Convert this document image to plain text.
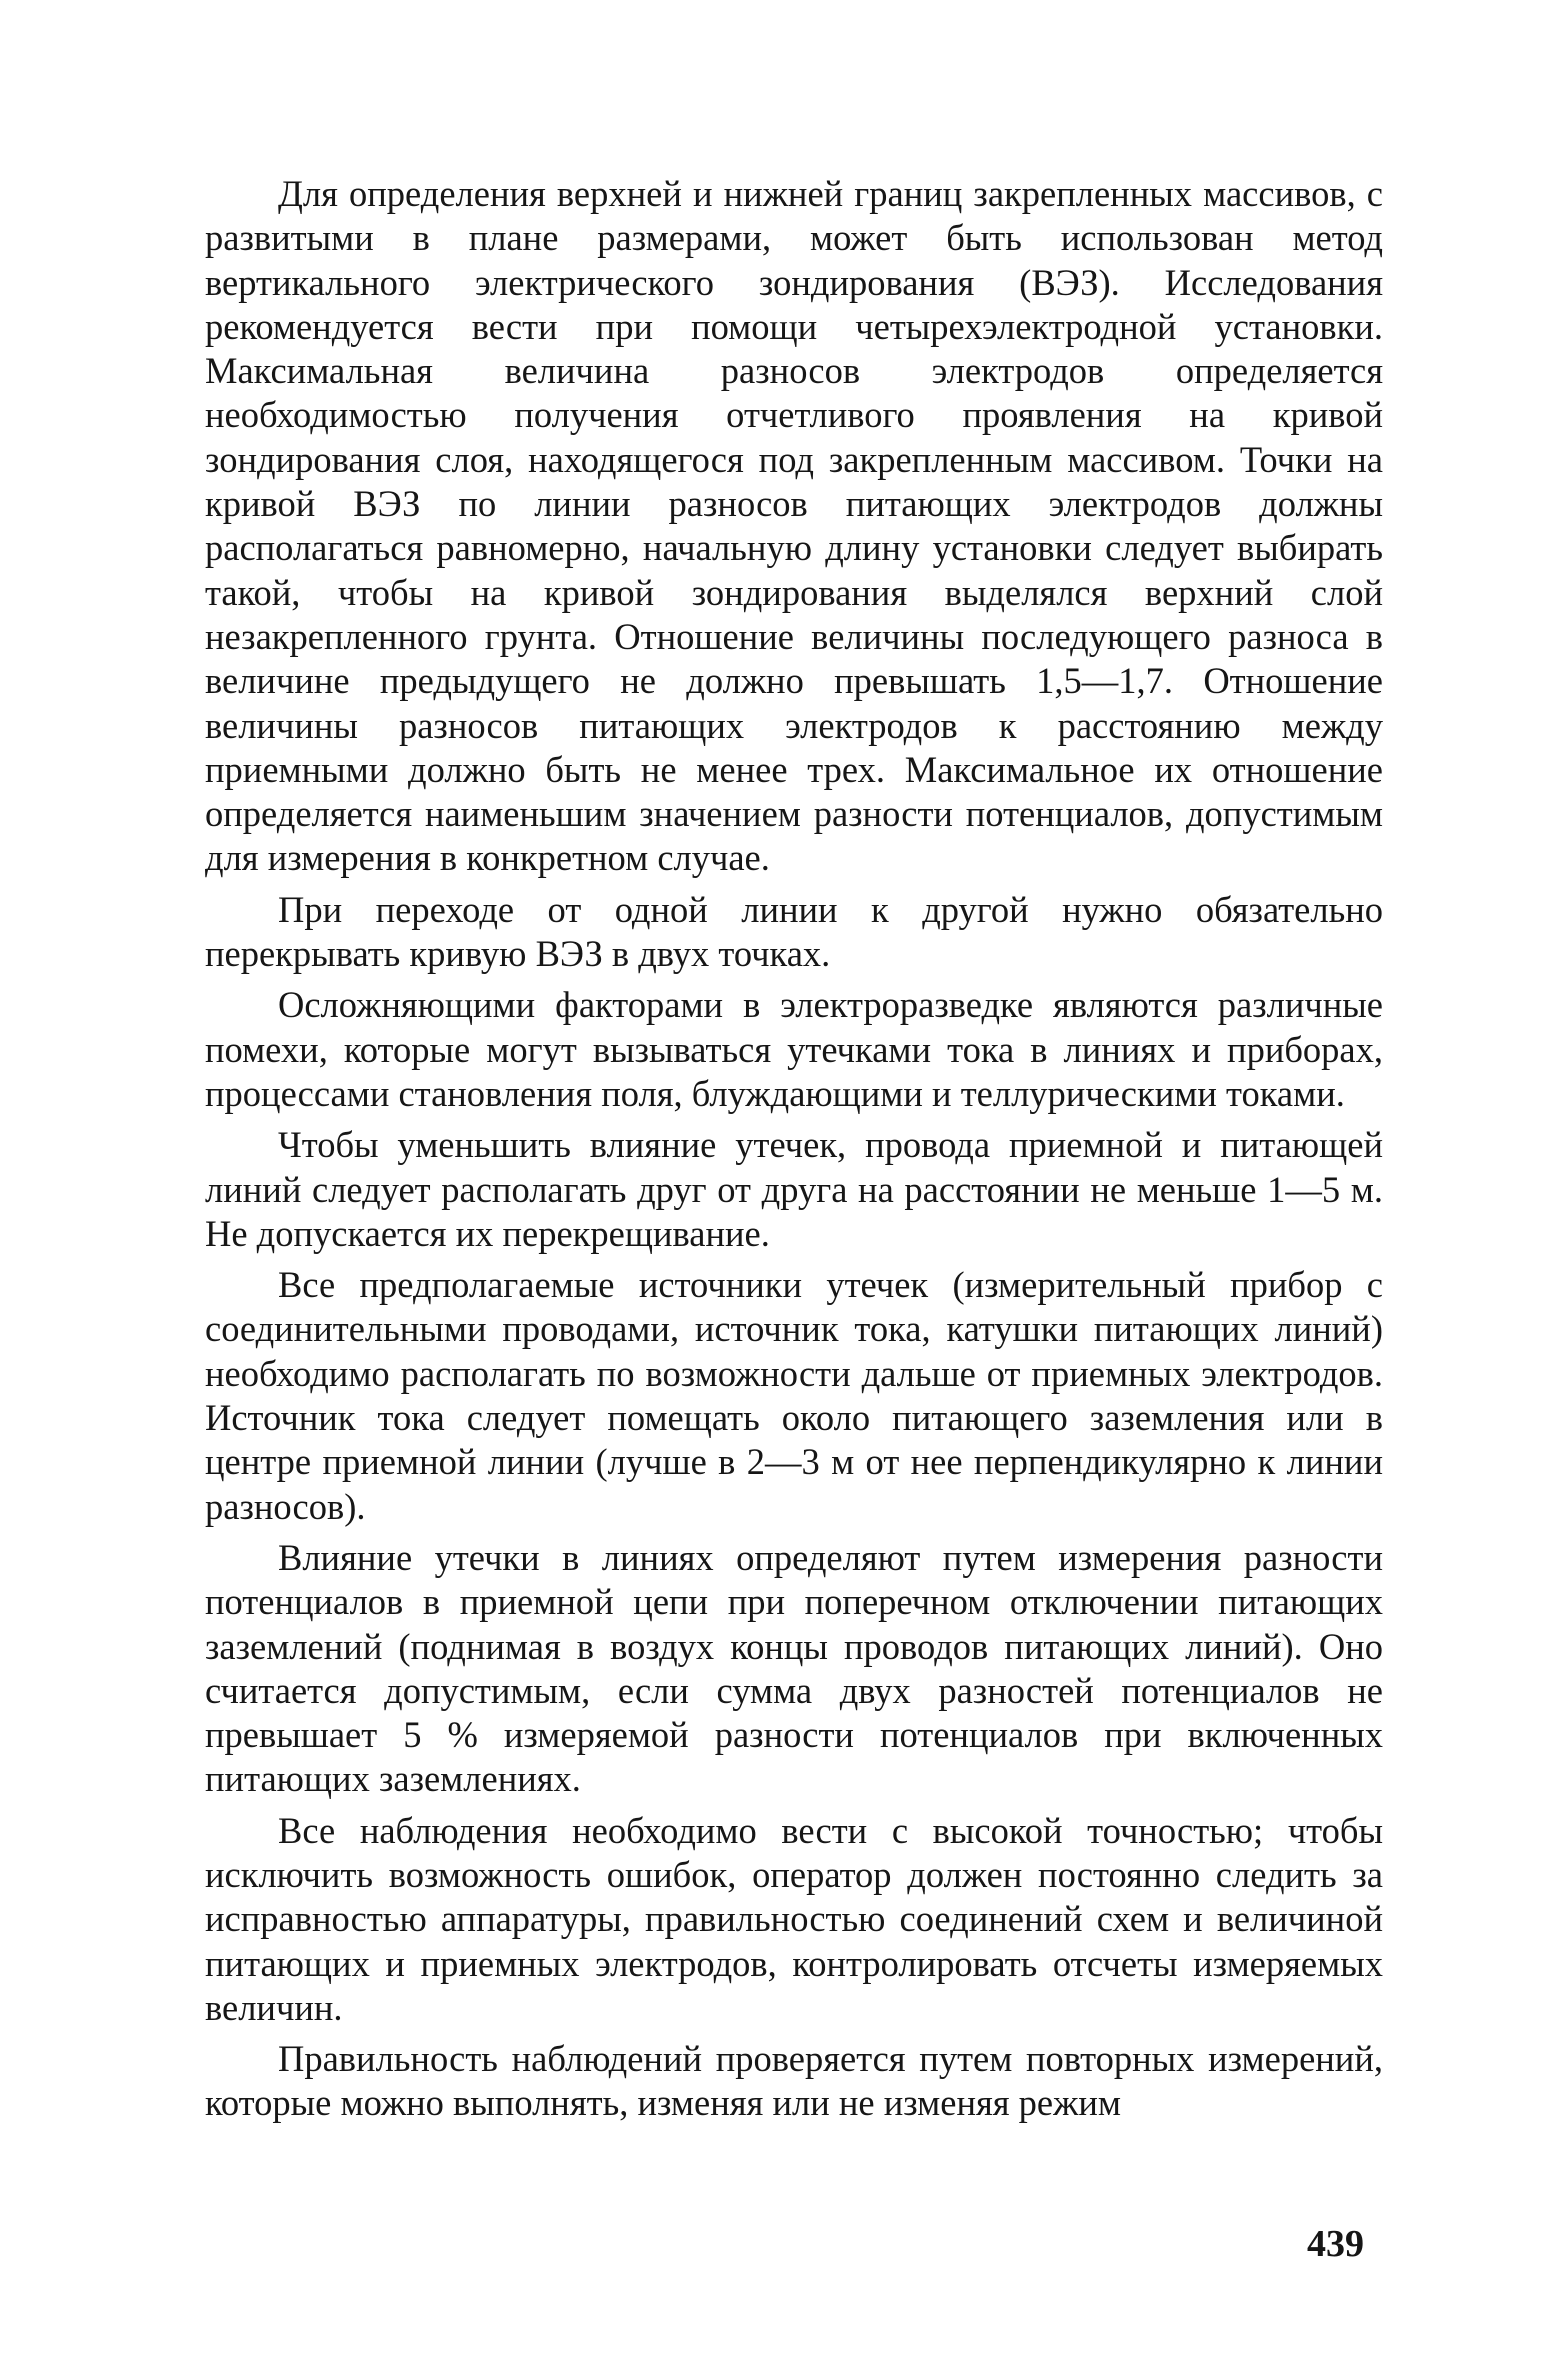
Для определения верхней и нижней границ закрепленных массивов, с развитыми в плане размерами, может быть использован метод вертикального электрического зондирования (ВЭЗ). Исследования рекомендуется вести при помощи четырехэлектродной установки. Максимальная величина разносов электродов определяется необходимостью получения отчетливого проявления на кривой зондирования слоя, находящегося под закрепленным массивом. Точки на кривой ВЭЗ по линии разносов питающих электродов должны располагаться равномерно, начальную длину установки следует выбирать такой, чтобы на кривой зондирования выделялся верхний слой незакрепленного грунта. Отношение величины последующего разноса в величине предыдущего не должно превышать 1,5—1,7. Отношение величины разносов питающих электродов к расстоянию между приемными должно быть не менее трех. Максимальное их отношение определяется наименьшим значением разности потенциалов, допустимым для измерения в конкретном случае.

При переходе от одной линии к другой нужно обязательно перекрывать кривую ВЭЗ в двух точках.

Осложняющими факторами в электроразведке являются различные помехи, которые могут вызываться утечками тока в линиях и приборах, процессами становления поля, блуждающими и теллурическими токами.

Чтобы уменьшить влияние утечек, провода приемной и питающей линий следует располагать друг от друга на расстоянии не меньше 1—5 м. Не допускается их перекрещивание.

Все предполагаемые источники утечек (измерительный прибор с соединительными проводами, источник тока, катушки питающих линий) необходимо располагать по возможности дальше от приемных электродов. Источник тока следует помещать около питающего заземления или в центре приемной линии (лучше в 2—3 м от нее перпендикулярно к линии разносов).

Влияние утечки в линиях определяют путем измерения разности потенциалов в приемной цепи при поперечном отключении питающих заземлений (поднимая в воздух концы проводов питающих линий). Оно считается допустимым, если сумма двух разностей потенциалов не превышает 5 % измеряемой разности потенциалов при включенных питающих заземлениях.

Все наблюдения необходимо вести с высокой точностью; чтобы исключить возможность ошибок, оператор должен постоянно следить за исправностью аппаратуры, правильностью соединений схем и величиной питающих и приемных электродов, контролировать отсчеты измеряемых величин.

Правильность наблюдений проверяется путем повторных измерений, которые можно выполнять, изменяя или не изменяя режим

439
